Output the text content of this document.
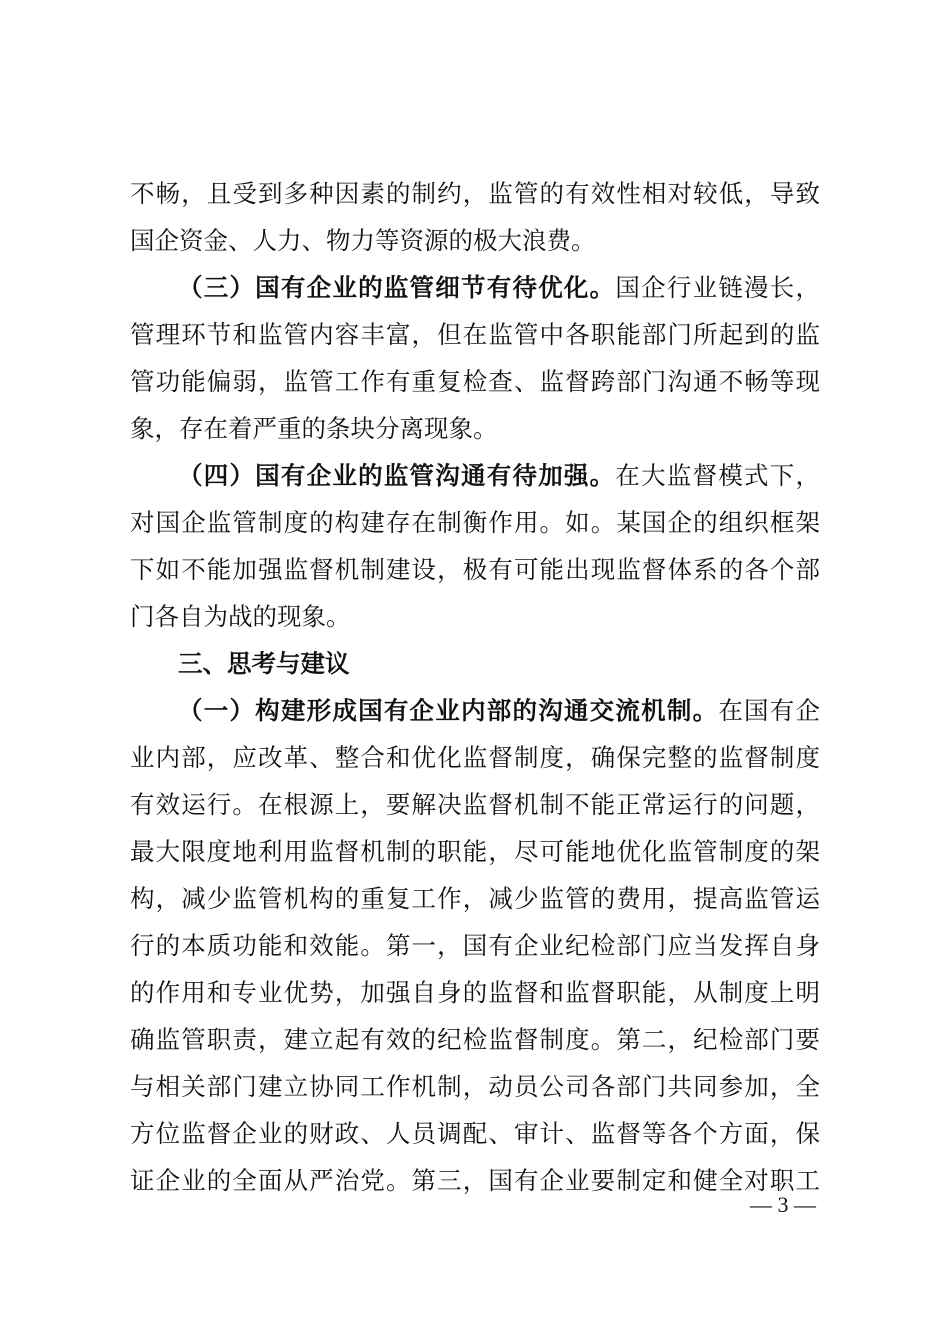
不畅，且受到多种因素的制约，监管的有效性相对较低，导致
国企资金、人力、物力等资源的极大浪费。
（三）国有企业的监管细节有待优化。国企行业链漫长，
管理环节和监管内容丰富，但在监管中各职能部门所起到的监
管功能偏弱，监管工作有重复检查、监督跨部门沟通不畅等现
象，存在着严重的条块分离现象。
（四）国有企业的监管沟通有待加强。在大监督模式下，
对国企监管制度的构建存在制衡作用。如。某国企的组织框架
下如不能加强监督机制建设，极有可能出现监督体系的各个部
门各自为战的现象。
三、思考与建议
（一）构建形成国有企业内部的沟通交流机制。在国有企
业内部，应改革、整合和优化监督制度，确保完整的监督制度
有效运行。在根源上，要解决监督机制不能正常运行的问题，
最大限度地利用监督机制的职能，尽可能地优化监管制度的架
构，减少监管机构的重复工作，减少监管的费用，提高监管运
行的本质功能和效能。第一，国有企业纪检部门应当发挥自身
的作用和专业优势，加强自身的监督和监督职能，从制度上明
确监管职责，建立起有效的纪检监督制度。第二，纪检部门要
与相关部门建立协同工作机制，动员公司各部门共同参加，全
方位监督企业的财政、人员调配、审计、监督等各个方面，保
证企业的全面从严治党。第三，国有企业要制定和健全对职工
— 3 —
